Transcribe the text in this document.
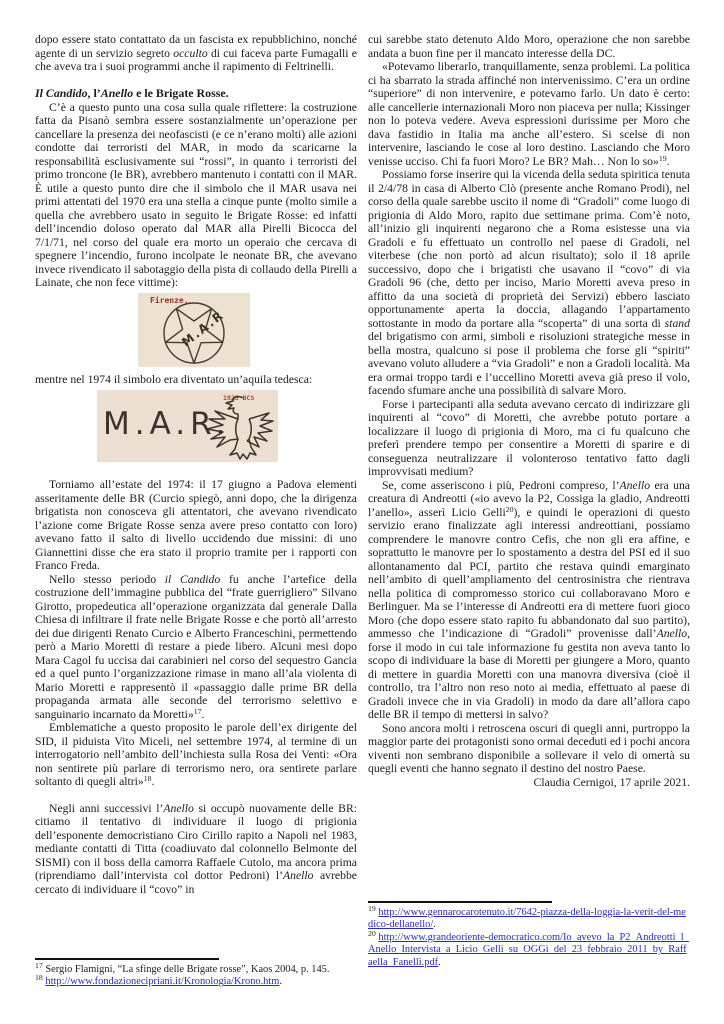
dopo essere stato contattato da un fascista ex repubblichino, nonché agente di un servizio segreto occulto di cui faceva parte Fumagalli e che aveva tra i suoi programmi anche il rapimento di Feltrinelli.

Il Candido, l’Anello e le Brigate Rosse.

C’è a questo punto una cosa sulla quale riflettere: la costruzione fatta da Pisanò sembra essere sostanzialmente un’operazione per cancellare la presenza dei neofascisti (e ce n’erano molti) alle azioni condotte dai terroristi del MAR, in modo da scaricarne la responsabilità esclusivamente sui “rossi”, in quanto i terroristi del primo troncone (le BR), avrebbero mantenuto i contatti con il MAR. È utile a questo punto dire che il simbolo che il MAR usava nei primi attentati del 1970 era una stella a cinque punte (molto simile a quella che avrebbero usato in seguito le Brigate Rosse: ed infatti dell’incendio doloso operato dal MAR alla Pirelli Bicocca del 7/1/71, nel corso del quale era morto un operaio che cercava di spegnere l’incendio, furono incolpate le neonate BR, che avevano invece rivendicato il sabotaggio della pista di collaudo della Pirelli a Lainate, che non fece vittime):

Firenze.
M.A.R

mentre nel 1974 il simbolo era diventato un’aquila tedesca:

M.A.R.
1923 BCS

Torniamo all’estate del 1974: il 17 giugno a Padova elementi asseritamente delle BR (Curcio spiegò, anni dopo, che la dirigenza brigatista non conosceva gli attentatori, che avevano rivendicato l’azione come Brigate Rosse senza avere preso contatto con loro) avevano fatto il salto di livello uccidendo due missini: di uno Giannettini disse che era stato il proprio tramite per i rapporti con Franco Freda.

Nello stesso periodo il Candido fu anche l’artefice della costruzione dell’immagine pubblica del “frate guerrigliero” Silvano Girotto, propedeutica all’operazione organizzata dal generale Dalla Chiesa di infiltrare il frate nelle Brigate Rosse e che portò all’arresto dei due dirigenti Renato Curcio e Alberto Franceschini, permettendo però a Mario Moretti di restare a piede libero. Alcuni mesi dopo Mara Cagol fu uccisa dai carabinieri nel corso del sequestro Gancia ed a quel punto l’organizzazione rimase in mano all’ala violenta di Mario Moretti e rappresentò il «passaggio dalle prime BR della propaganda armata alle seconde del terrorismo selettivo e sanguinario incarnato da Moretti»$^{17}$.

Emblematiche a questo proposito le parole dell’ex dirigente del SID, il piduista Vito Miceli, nel settembre 1974, al termine di un interrogatorio nell’ambito dell’inchiesta sulla Rosa dei Venti: «Ora non sentirete più parlare di terrorismo nero, ora sentirete parlare soltanto di quegli altri»$^{18}$.

Negli anni successivi l’Anello si occupò nuovamente delle BR: citiamo il tentativo di individuare il luogo di prigionia dell’esponente democristiano Ciro Cirillo rapito a Napoli nel 1983, mediante contatti di Titta (coadiuvato dal colonnello Belmonte del SISMI) con il boss della camorra Raffaele Cutolo, ma ancora prima (riprendiamo dall’intervista col dottor Pedroni) l’Anello avrebbe cercato di individuare il “covo” in

$^{17}$ Sergio Flamigni, “La sfinge delle Brigate rosse”, Kaos 2004, p. 145.

$^{18}$ http://www.fondazionecipriani.it/Kronologia/Krono.htm.

cui sarebbe stato detenuto Aldo Moro, operazione che non sarebbe andata a buon fine per il mancato interesse della DC.

«Potevamo liberarlo, tranquillamente, senza problemi. La politica ci ha sbarrato la strada affinché non intervenissimo. C’era un ordine “superiore” di non intervenire, e potevamo farlo. Un dato è certo: alle cancellerie internazionali Moro non piaceva per nulla; Kissinger non lo poteva vedere. Aveva espressioni durissime per Moro che dava fastidio in Italia ma anche all’estero. Si scelse di non intervenire, lasciando le cose al loro destino. Lasciando che Moro venisse ucciso. Chi fa fuori Moro? Le BR? Mah… Non lo so»$^{19}$.

Possiamo forse inserire qui la vicenda della seduta spiritica tenuta il 2/4/78 in casa di Alberto Clò (presente anche Romano Prodi), nel corso della quale sarebbe uscito il nome di “Gradoli” come luogo di prigionia di Aldo Moro, rapito due settimane prima. Com’è noto, all’inizio gli inquirenti negarono che a Roma esistesse una via Gradoli e fu effettuato un controllo nel paese di Gradoli, nel viterbese (che non portò ad alcun risultato); solo il 18 aprile successivo, dopo che i brigatisti che usavano il “covo” di via Gradoli 96 (che, detto per inciso, Mario Moretti aveva preso in affitto da una società di proprietà dei Servizi) ebbero lasciato opportunamente aperta la doccia, allagando l’appartamento sottostante in modo da portare alla “scoperta” di una sorta di stand del brigatismo con armi, simboli e risoluzioni strategiche messe in bella mostra, qualcuno si pose il problema che forse gli “spiriti” avevano voluto alludere a “via Gradoli” e non a Gradoli località. Ma era ormai troppo tardi e l’uccellino Moretti aveva già preso il volo, facendo sfumare anche una possibilità di salvare Moro.

Forse i partecipanti alla seduta avevano cercato di indirizzare gli inquirenti al “covo” di Moretti, che avrebbe potuto portare a localizzare il luogo di prigionia di Moro, ma ci fu qualcuno che preferì prendere tempo per consentire a Moretti di sparire e di conseguenza neutralizzare il volonteroso tentativo fatto dagli improvvisati medium?

Se, come asseriscono i più, Pedroni compreso, l’Anello era una creatura di Andreotti («io avevo la P2, Cossiga la gladio, Andreotti l’anello», asserì Licio Gelli$^{20}$), e quindi le operazioni di questo servizio erano finalizzate agli interessi andreottiani, possiamo comprendere le manovre contro Cefis, che non gli era affine, e soprattutto le manovre per lo spostamento a destra del PSI ed il suo allontanamento dal PCI, partito che restava quindi emarginato nell’ambito di quell’ampliamento del centrosinistra che rientrava nella politica di compromesso storico cui collaboravano Moro e Berlinguer. Ma se l’interesse di Andreotti era di mettere fuori gioco Moro (che dopo essere stato rapito fu abbandonato dal suo partito), ammesso che l’indicazione di “Gradoli” provenisse dall’Anello, forse il modo in cui tale informazione fu gestita non aveva tanto lo scopo di individuare la base di Moretti per giungere a Moro, quanto di mettere in guardia Moretti con una manovra diversiva (cioè il controllo, tra l’altro non reso noto ai media, effettuato al paese di Gradoli invece che in via Gradoli) in modo da dare all’allora capo delle BR il tempo di mettersi in salvo?

Sono ancora molti i retroscena oscuri di quegli anni, purtroppo la maggior parte dei protagonisti sono ormai deceduti ed i pochi ancora viventi non sembrano disponibile a sollevare il velo di omertà su quegli eventi che hanno segnato il destino del nostro Paese.

Claudia Cernigoi, 17 aprile 2021.

$^{19}$ http://www.gennarocarotenuto.it/7642-piazza-della-loggia-la-verit-del-medico-dellanello/.

$^{20}$ http://www.grandeoriente-democratico.com/Io_avevo_la_P2_Andreotti_l_Anello_Intervista_a_Licio_Gelli_su_OGGi_del_23_febbraio_2011_by_Raffaella_Fanelli.pdf.
